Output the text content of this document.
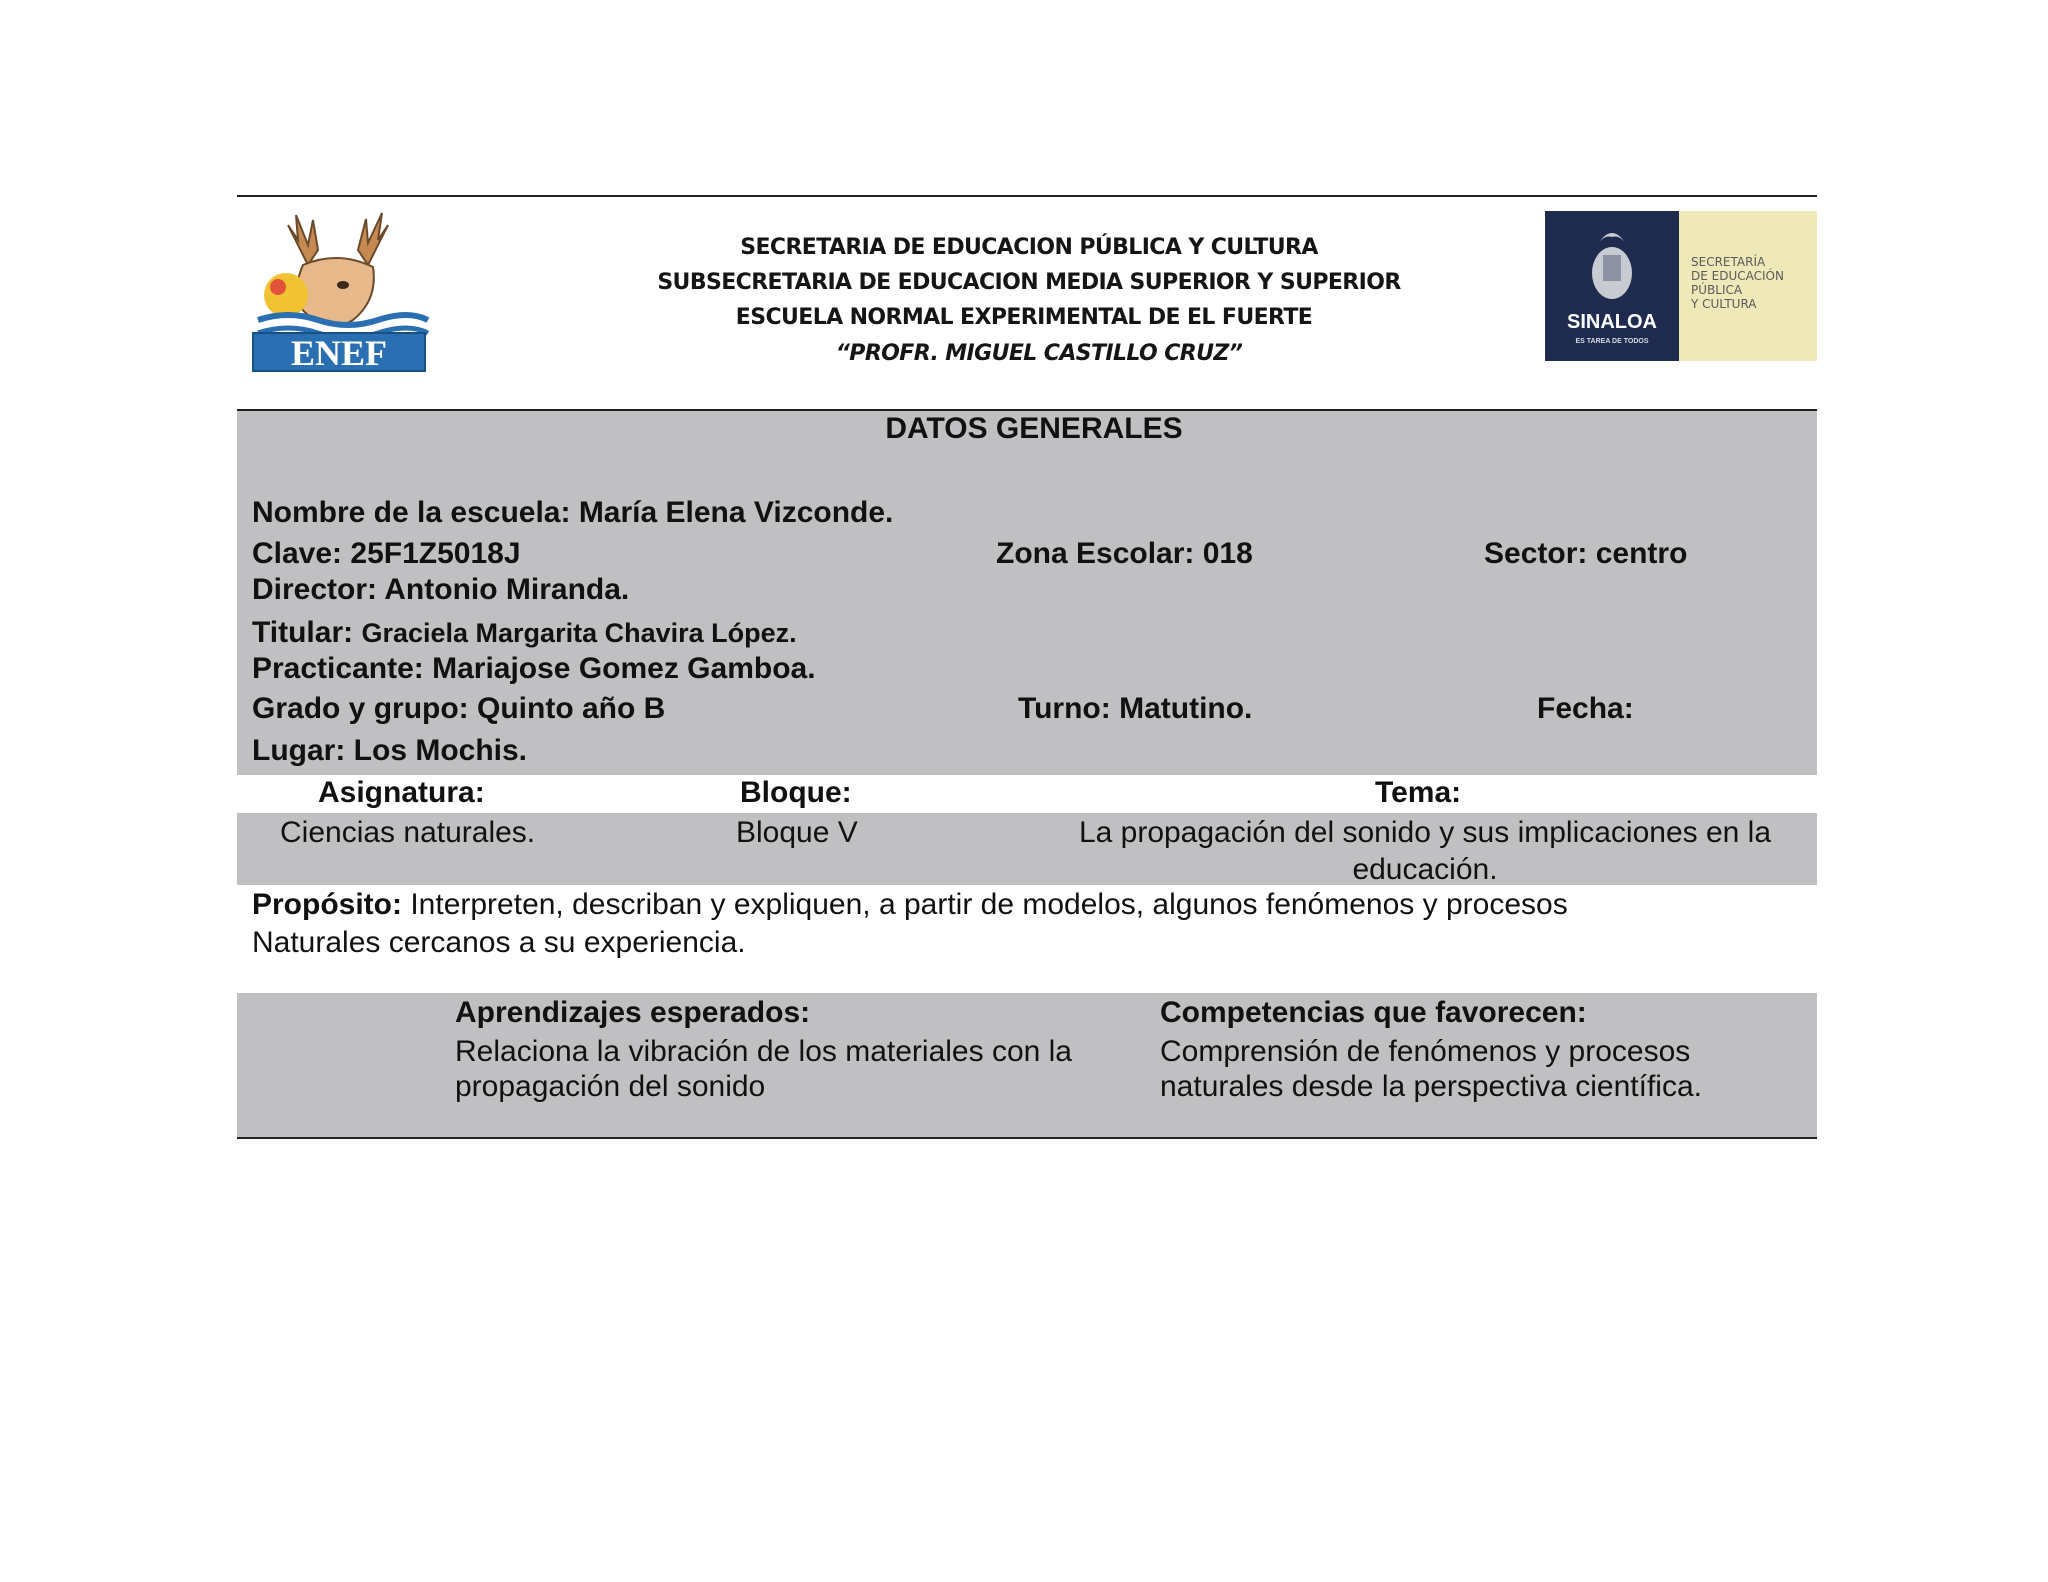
ENEF
SECRETARIA DE EDUCACION PÚBLICA Y CULTURA
SUBSECRETARIA DE EDUCACION MEDIA SUPERIOR Y SUPERIOR
ESCUELA NORMAL EXPERIMENTAL DE EL FUERTE
“PROFR. MIGUEL CASTILLO CRUZ”
SINALOA
ES TAREA DE TODOS
SECRETARÍA
DE EDUCACIÓN
PÚBLICA
Y CULTURA
DATOS GENERALES
Nombre de la escuela: María Elena Vizconde.
Clave: 25F1Z5018J	Zona Escolar: 018	Sector: centro
Director: Antonio Miranda.
Titular: Graciela Margarita Chavira López.
Practicante: Mariajose Gomez Gamboa.
Grado y grupo: Quinto año B	Turno: Matutino.	Fecha:
Lugar: Los Mochis.
Asignatura:	Bloque:	Tema:
Ciencias naturales.	Bloque V	La propagación del sonido y sus implicaciones en la
educación.
Propósito: Interpreten, describan y expliquen, a partir de modelos, algunos fenómenos y procesos
Naturales cercanos a su experiencia.
Aprendizajes esperados:
Relaciona la vibración de los materiales con la
propagación del sonido
Competencias que favorecen:
Comprensión de fenómenos y procesos
naturales desde la perspectiva científica.
